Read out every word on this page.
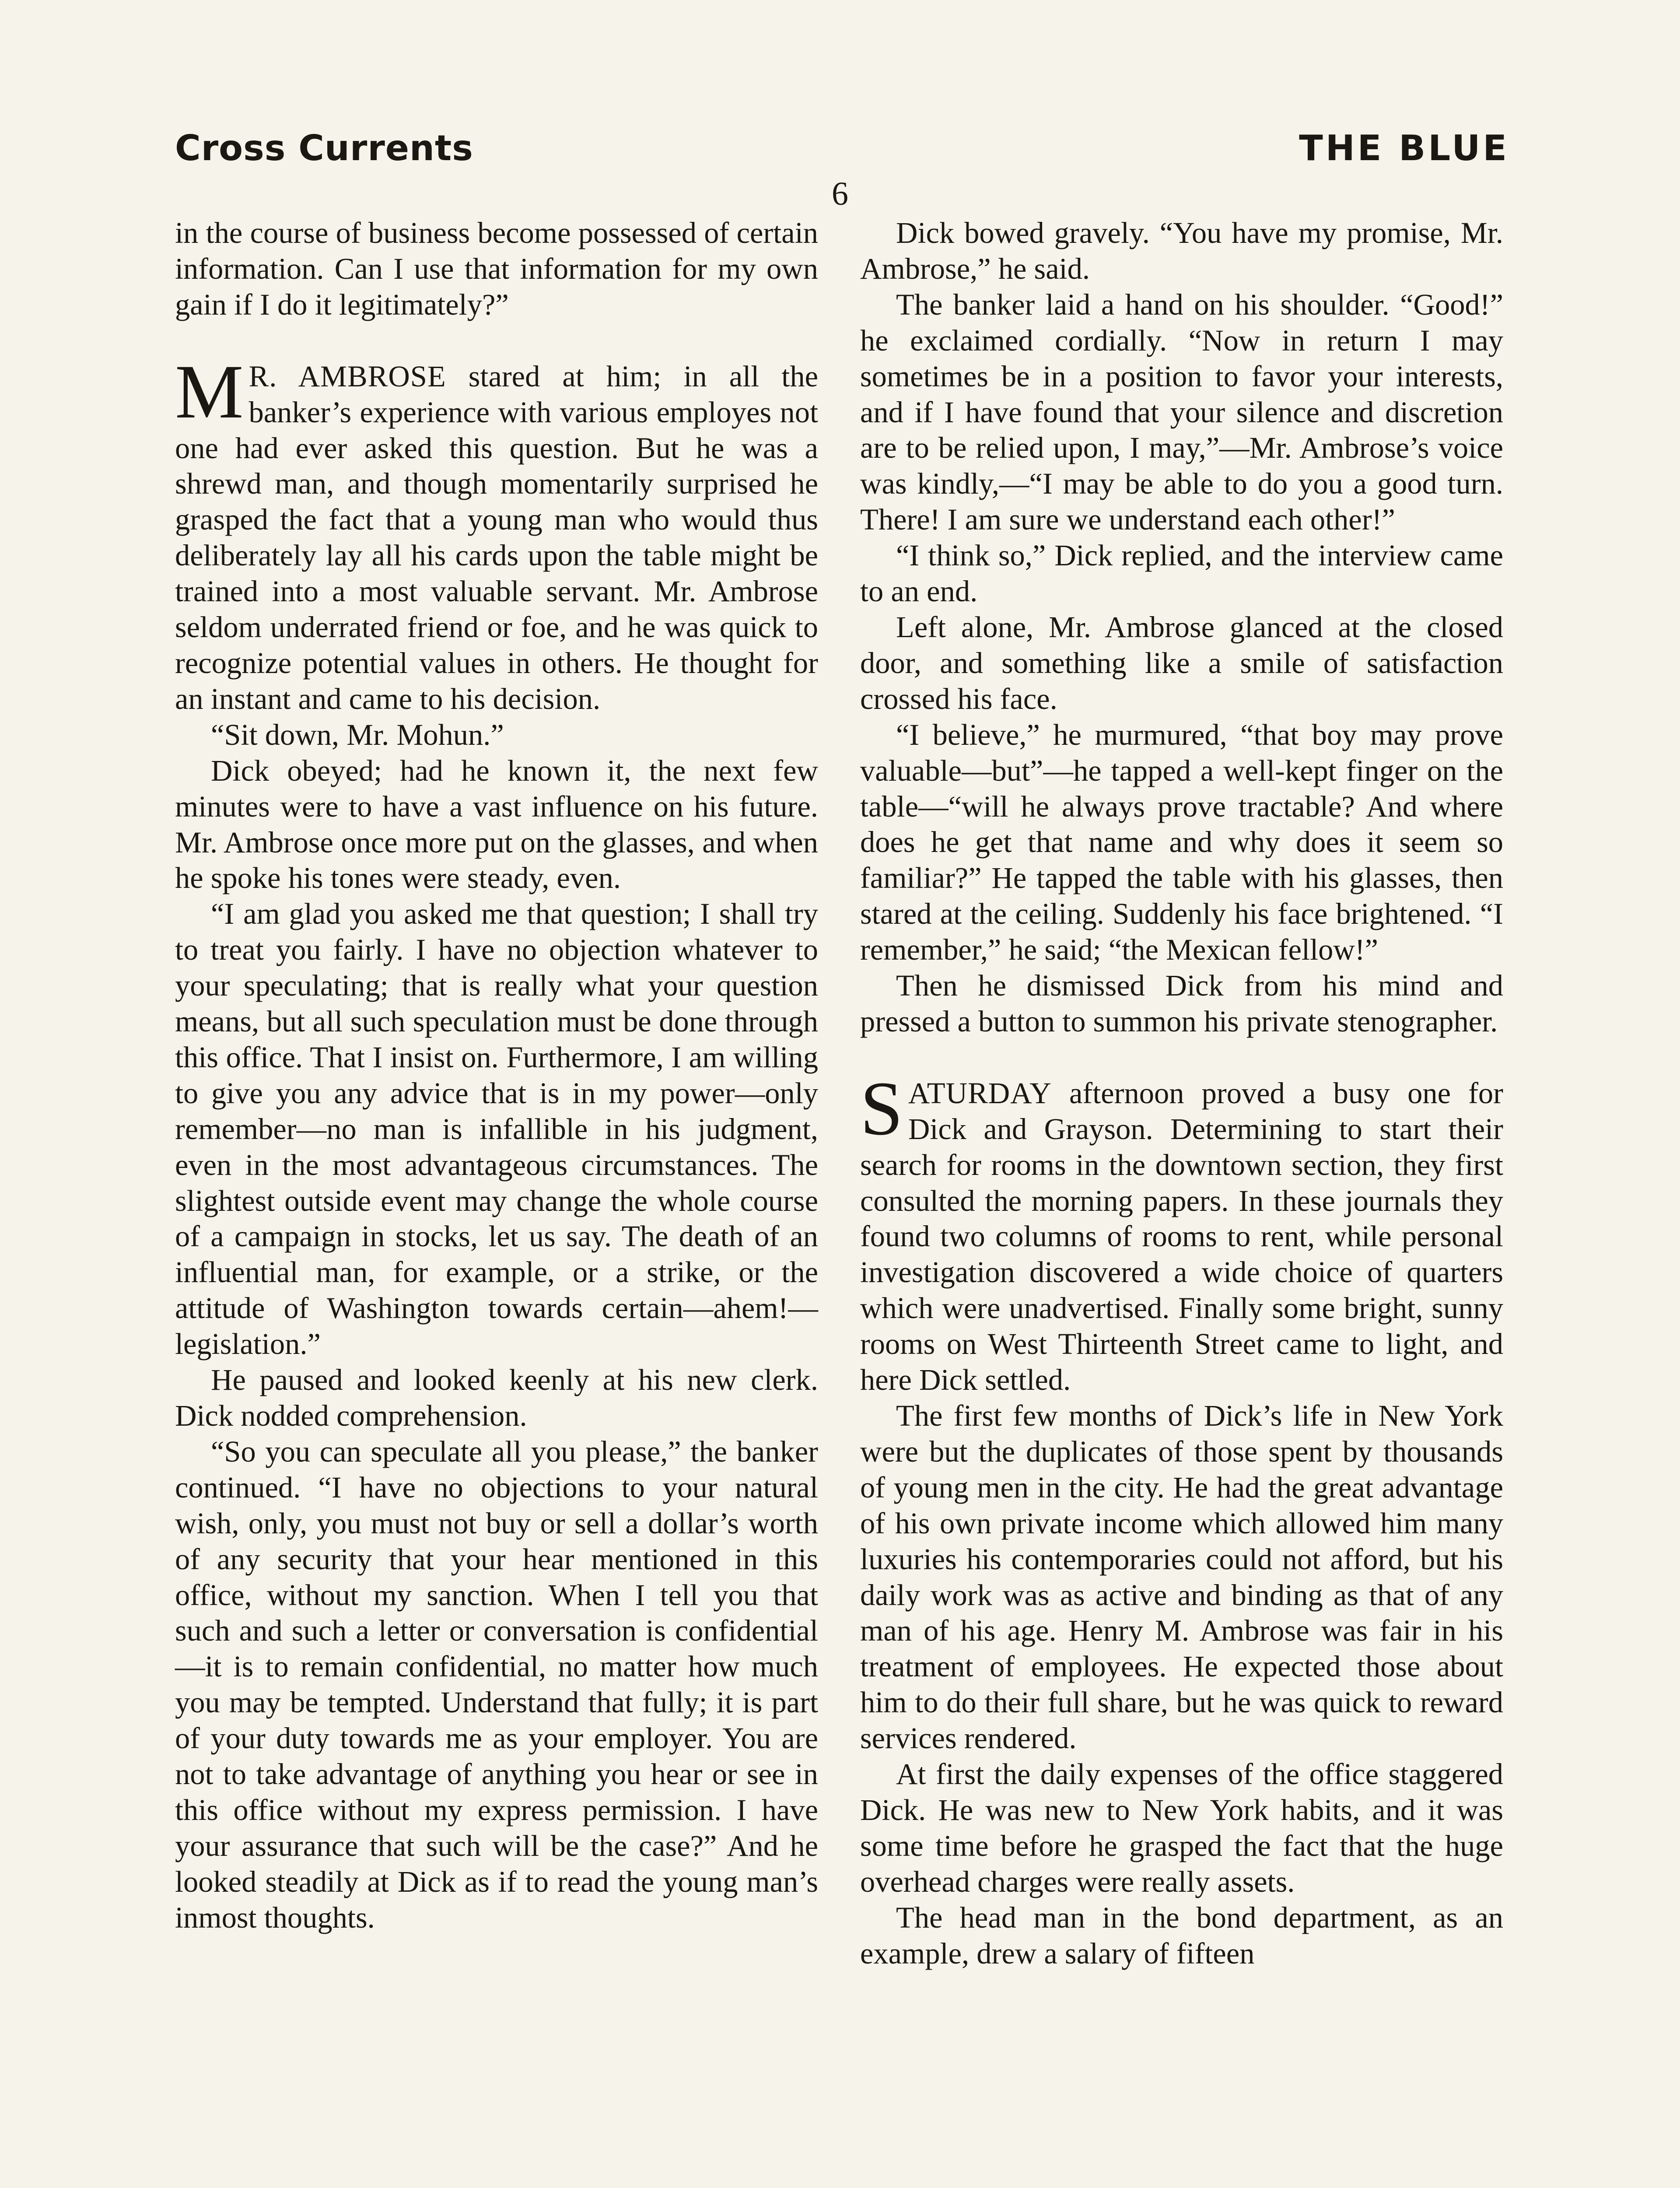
Cross Currents	THE BLUE
6

in the course of business become possessed of certain information. Can I use that information for my own gain if I do it legitimately?”

M R. AMBROSE stared at him; in all the banker’s experience with various employes not one had ever asked this question. But he was a shrewd man, and though momentarily surprised he grasped the fact that a young man who would thus deliberately lay all his cards upon the table might be trained into a most valuable servant. Mr. Ambrose seldom underrated friend or foe, and he was quick to recognize potential values in others. He thought for an instant and came to his decision.

“Sit down, Mr. Mohun.”

Dick obeyed; had he known it, the next few minutes were to have a vast influence on his future. Mr. Ambrose once more put on the glasses, and when he spoke his tones were steady, even.

“I am glad you asked me that question; I shall try to treat you fairly. I have no objection whatever to your speculating; that is really what your question means, but all such speculation must be done through this office. That I insist on. Furthermore, I am willing to give you any advice that is in my power—only remember—no man is infallible in his judgment, even in the most advantageous circumstances. The slightest outside event may change the whole course of a campaign in stocks, let us say. The death of an influential man, for example, or a strike, or the attitude of Washington towards certain—ahem!—legislation.”

He paused and looked keenly at his new clerk. Dick nodded comprehension.

“So you can speculate all you please,” the banker continued. “I have no objections to your natural wish, only, you must not buy or sell a dollar’s worth of any security that your hear mentioned in this office, without my sanction. When I tell you that such and such a letter or conversation is confidential—it is to remain confidential, no matter how much you may be tempted. Understand that fully; it is part of your duty towards me as your employer. You are not to take advantage of anything you hear or see in this office without my express permission. I have your assurance that such will be the case?” And he looked steadily at Dick as if to read the young man’s inmost thoughts.

Dick bowed gravely. “You have my promise, Mr. Ambrose,” he said.

The banker laid a hand on his shoulder. “Good!” he exclaimed cordially. “Now in return I may sometimes be in a position to favor your interests, and if I have found that your silence and discretion are to be relied upon, I may,”—Mr. Ambrose’s voice was kindly,—“I may be able to do you a good turn. There! I am sure we understand each other!”

“I think so,” Dick replied, and the interview came to an end.

Left alone, Mr. Ambrose glanced at the closed door, and something like a smile of satisfaction crossed his face.

“I believe,” he murmured, “that boy may prove valuable—but”—he tapped a well-kept finger on the table—“will he always prove tractable? And where does he get that name and why does it seem so familiar?” He tapped the table with his glasses, then stared at the ceiling. Suddenly his face brightened. “I remember,” he said; “the Mexican fellow!”

Then he dismissed Dick from his mind and pressed a button to summon his private stenographer.

SATURDAY afternoon proved a busy one for Dick and Grayson. Determining to start their search for rooms in the downtown section, they first consulted the morning papers. In these journals they found two columns of rooms to rent, while personal investigation discovered a wide choice of quarters which were unadvertised. Finally some bright, sunny rooms on West Thirteenth Street came to light, and here Dick settled.

The first few months of Dick’s life in New York were but the duplicates of those spent by thousands of young men in the city. He had the great advantage of his own private income which allowed him many luxuries his contemporaries could not afford, but his daily work was as active and binding as that of any man of his age. Henry M. Ambrose was fair in his treatment of employees. He expected those about him to do their full share, but he was quick to reward services rendered.

At first the daily expenses of the office staggered Dick. He was new to New York habits, and it was some time before he grasped the fact that the huge overhead charges were really assets.

The head man in the bond department, as an example, drew a salary of fifteen
